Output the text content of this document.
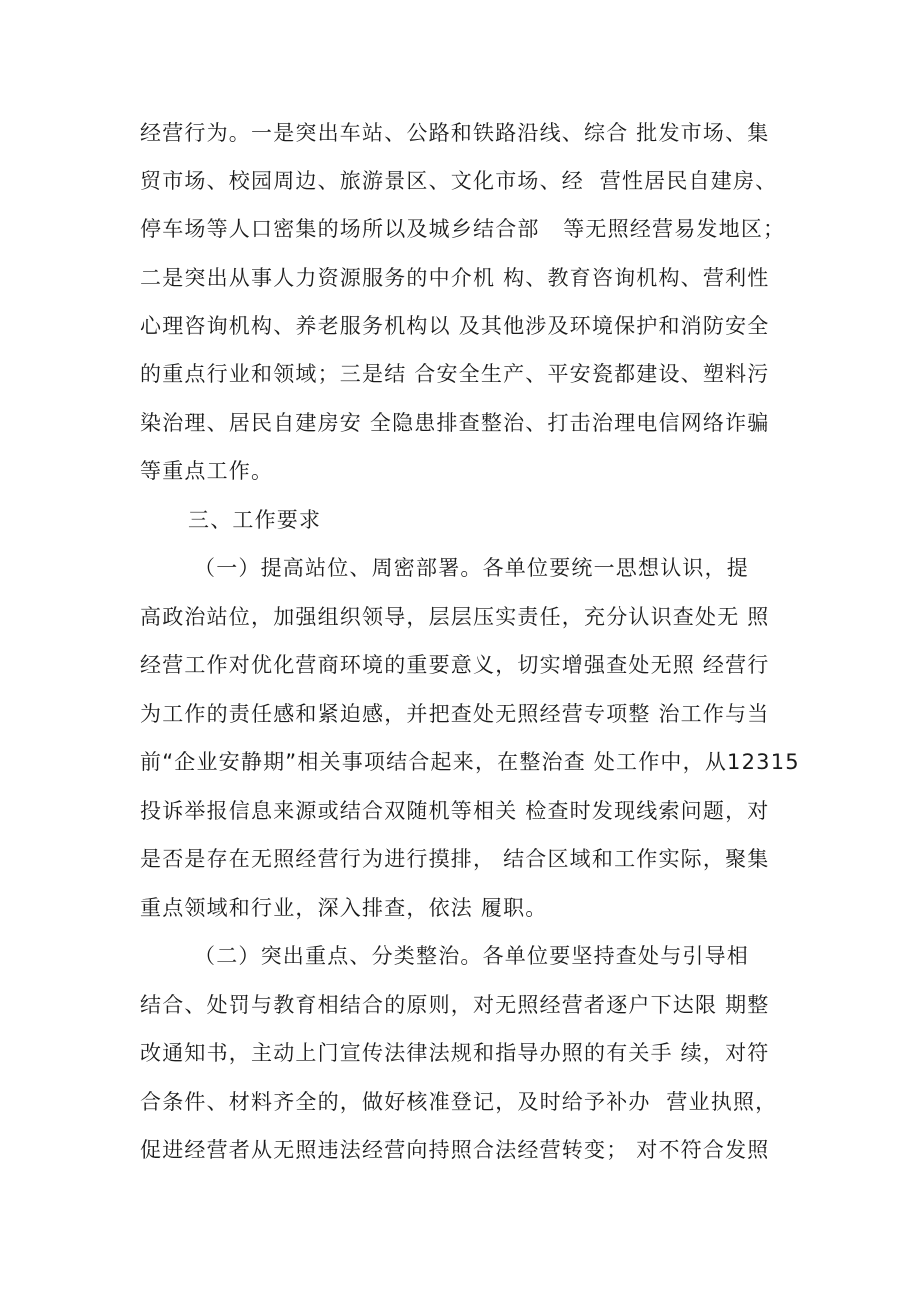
经营行为。一是突出车站、公路和铁路沿线、综合 批发市场、集
贸市场、校园周边、旅游景区、文化市场、经  营性居民自建房、
停车场等人口密集的场所以及城乡结合部   等无照经营易发地区；
二是突出从事人力资源服务的中介机 构、教育咨询机构、营利性
心理咨询机构、养老服务机构以 及其他涉及环境保护和消防安全
的重点行业和领域；三是结 合安全生产、平安瓷都建设、塑料污
染治理、居民自建房安 全隐患排查整治、打击治理电信网络诈骗
等重点工作。
三、工作要求
（一）提高站位、周密部署。各单位要统一思想认识，提
高政治站位，加强组织领导，层层压实责任，充分认识查处无 照
经营工作对优化营商环境的重要意义，切实增强查处无照 经营行
为工作的责任感和紧迫感，并把查处无照经营专项整 治工作与当
前“企业安静期”相关事项结合起来，在整治查 处工作中，从12315
投诉举报信息来源或结合双随机等相关 检查时发现线索问题，对
是否是存在无照经营行为进行摸排， 结合区域和工作实际，聚集
重点领域和行业，深入排查，依法 履职。
（二）突出重点、分类整治。各单位要坚持查处与引导相
结合、处罚与教育相结合的原则，对无照经营者逐户下达限 期整
改通知书，主动上门宣传法律法规和指导办照的有关手 续，对符
合条件、材料齐全的，做好核准登记，及时给予补办  营业执照，
促进经营者从无照违法经营向持照合法经营转变； 对不符合发照
